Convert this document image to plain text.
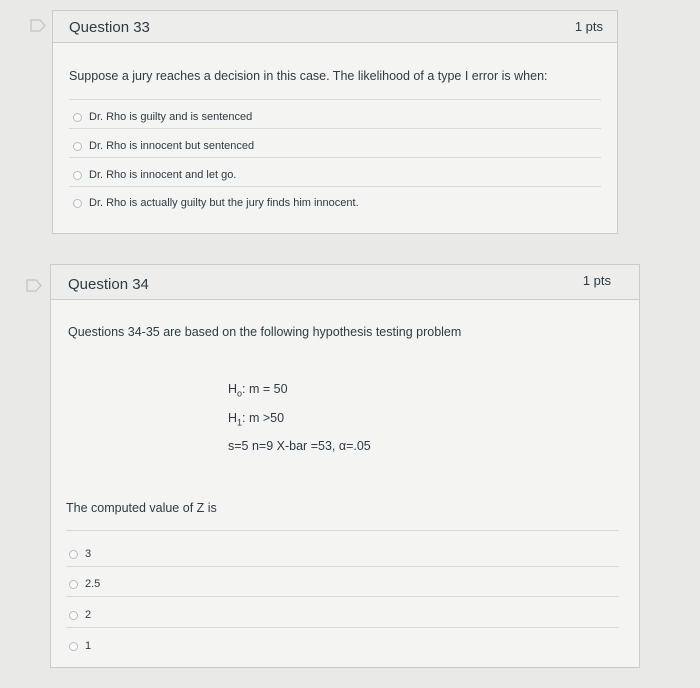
Question 33	1 pts
Suppose a jury reaches a decision in this case. The likelihood of a type I error is when:
Dr. Rho is guilty and is sentenced
Dr. Rho is innocent but sentenced
Dr. Rho is innocent and let go.
Dr. Rho is actually guilty but the jury finds him innocent.
Question 34	1 pts
Questions 34-35 are based on the following hypothesis testing problem
$H_o$: m = 50
$H_1$: m >50
s=5 n=9 X-bar =53, α=.05
The computed value of Z is
3
2.5
2
1
